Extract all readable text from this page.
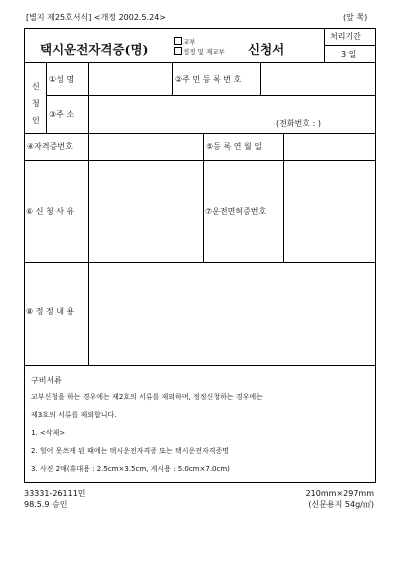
[별지 제25호서식] <개정 2002.5.24>	(앞 쪽)
택시운전자격증(명)	교부
정정 및 재교부 신청서
처리기간
3 일
신
청
인
①성 명	②주 민 등 록 번 호
③주 소
(전화번호 : )
④자격증번호	⑤등 록 연 월 일
⑥ 신 청 사 유	⑦운전면허증번호
⑧ 정 정 내 용
구비서류
교부신청을 하는 경우에는 제2호의 서류를 제외하며, 정정신청하는 경우에는
제3호의 서류를 제외합니다.
1. <삭제>
2. 헐어 못쓰게 된 때에는 택시운전자격증 또는 택시운전자격증명
3. 사진 2매(휴대용 : 2.5cm×3.5cm, 게시용 : 5.0cm×7.0cm)
33331-26111민
98.5.9 승인
210mm×297mm
(신문용지 54g/㎡)
